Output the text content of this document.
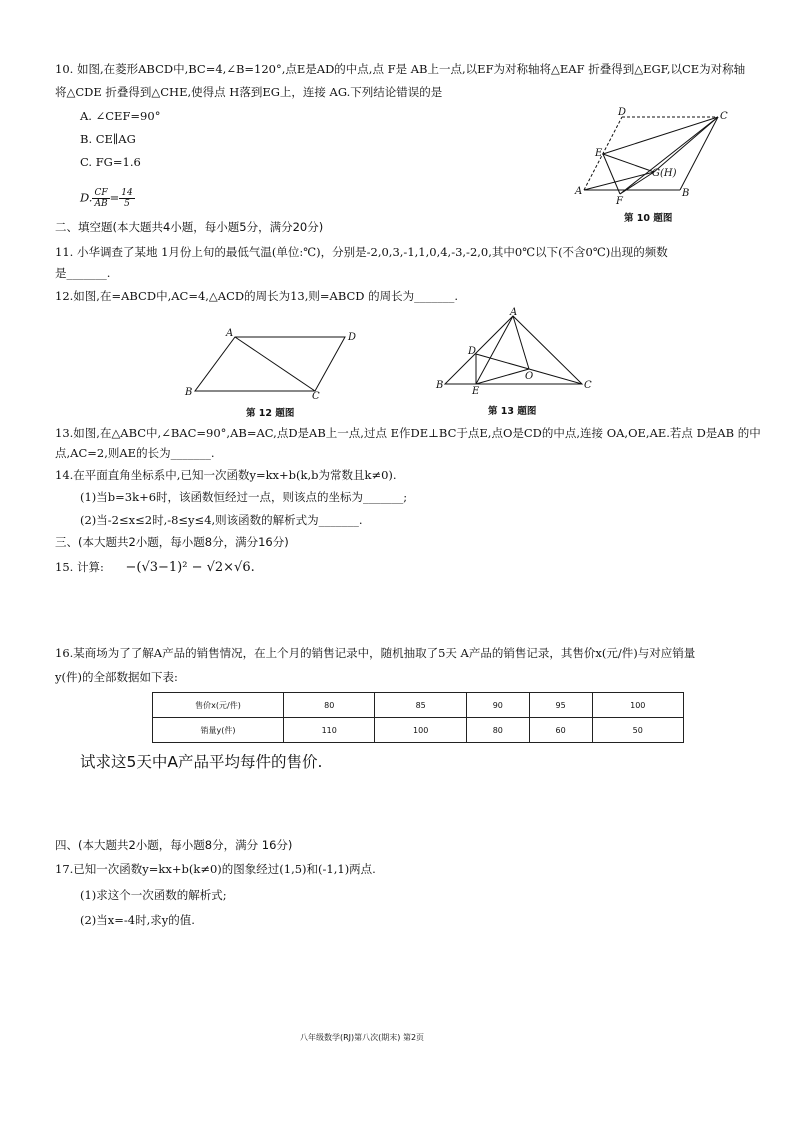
10. 如图,在菱形ABCD中,BC=4,∠B=120°,点E是AD的中点,点 F是 AB上一点,以EF为对称轴将△EAF 折叠得到△EGF,以CE为对称轴
将△CDE 折叠得到△CHE,使得点 H落到EG上，连接 AG.下列结论错误的是
A. ∠CEF=90°
B. CE∥AG
C. FG=1.6
D. $\frac{CF}{AB} = \frac{14}{5}$
D	C
E
G(H)
A
F
B
第 10 题图
二、填空题(本大题共4小题，每小题5分，满分20分)
11. 小华调查了某地 1月份上旬的最低气温(单位:℃)，分别是-2,0,3,-1,1,0,4,-3,-2,0,其中0℃以下(不含0℃)出现的频数
是_______.
12.如图,在=ABCD中,AC=4,△ACD的周长为13,则=ABCD 的周长为_______.
A	D
B	C
第 12 题图
A
D
O
B
E
C
第 13 题图
13.如图,在△ABC中,∠BAC=90°,AB=AC,点D是AB上一点,过点 E作DE⊥BC于点E,点O是CD的中点,连接 OA,OE,AE.若点 D是AB 的中
点,AC=2,则AE的长为_______.
14.在平面直角坐标系中,已知一次函数y=kx+b(k,b为常数且k≠0).
(1)当b=3k+6时，该函数恒经过一点，则该点的坐标为_______;
(2)当-2≤x≤2时,-8≤y≤4,则该函数的解析式为_______.
三、(本大题共2小题，每小题8分，满分16分)
15. 计算: −(√3−1)² − √2×√6.
16.某商场为了了解A产品的销售情况，在上个月的销售记录中，随机抽取了5天 A产品的销售记录，其售价x(元/件)与对应销量
y(件)的全部数据如下表:
售价x(元/件)	80	85	90	95	100
销量y(件)	110	100	80	60	50
试求这5天中A产品平均每件的售价.
四、(本大题共2小题，每小题8分，满分 16分)
17.已知一次函数y=kx+b(k≠0)的图象经过(1,5)和(-1,1)两点.
(1)求这个一次函数的解析式;
(2)当x=-4时,求y的值.
八年级数学(RJ)第八次(期末) 第2页
